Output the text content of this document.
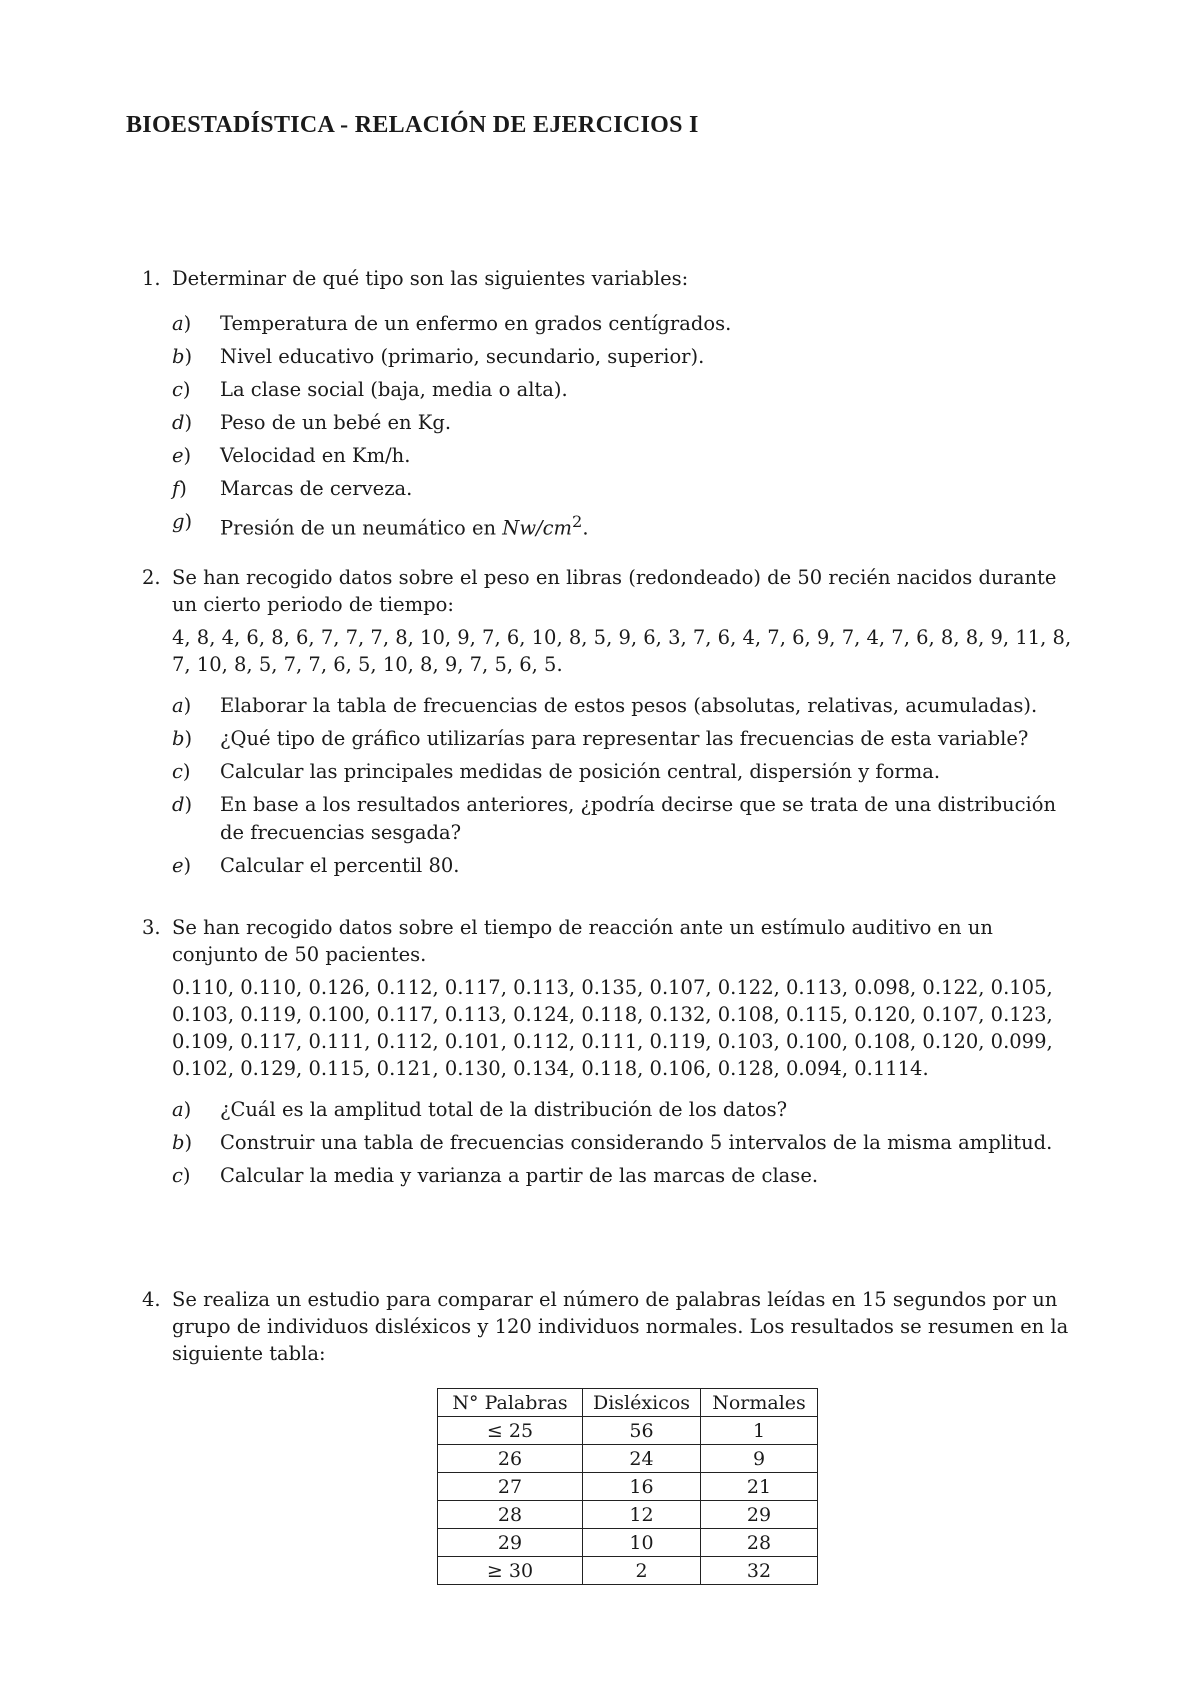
BIOESTADÍSTICA - RELACIÓN DE EJERCICIOS I
1. Determinar de qué tipo son las siguientes variables:
a) Temperatura de un enfermo en grados centígrados.
b) Nivel educativo (primario, secundario, superior).
c) La clase social (baja, media o alta).
d) Peso de un bebé en Kg.
e) Velocidad en Km/h.
f) Marcas de cerveza.
g) Presión de un neumático en $Nw/cm^2$.
2. Se han recogido datos sobre el peso en libras (redondeado) de 50 recién nacidos durante un cierto periodo de tiempo:
4, 8, 4, 6, 8, 6, 7, 7, 7, 8, 10, 9, 7, 6, 10, 8, 5, 9, 6, 3, 7, 6, 4, 7, 6, 9, 7, 4, 7, 6, 8, 8, 9, 11, 8, 7, 10, 8, 5, 7, 7, 6, 5, 10, 8, 9, 7, 5, 6, 5.
a) Elaborar la tabla de frecuencias de estos pesos (absolutas, relativas, acumuladas).
b) ¿Qué tipo de gráfico utilizarías para representar las frecuencias de esta variable?
c) Calcular las principales medidas de posición central, dispersión y forma.
d) En base a los resultados anteriores, ¿podría decirse que se trata de una distribución de frecuencias sesgada?
e) Calcular el percentil 80.
3. Se han recogido datos sobre el tiempo de reacción ante un estímulo auditivo en un conjunto de 50 pacientes.
0.110, 0.110, 0.126, 0.112, 0.117, 0.113, 0.135, 0.107, 0.122, 0.113, 0.098, 0.122, 0.105, 0.103, 0.119, 0.100, 0.117, 0.113, 0.124, 0.118, 0.132, 0.108, 0.115, 0.120, 0.107, 0.123, 0.109, 0.117, 0.111, 0.112, 0.101, 0.112, 0.111, 0.119, 0.103, 0.100, 0.108, 0.120, 0.099, 0.102, 0.129, 0.115, 0.121, 0.130, 0.134, 0.118, 0.106, 0.128, 0.094, 0.1114.
a) ¿Cuál es la amplitud total de la distribución de los datos?
b) Construir una tabla de frecuencias considerando 5 intervalos de la misma amplitud.
c) Calcular la media y varianza a partir de las marcas de clase.
4. Se realiza un estudio para comparar el número de palabras leídas en 15 segundos por un grupo de individuos disléxicos y 120 individuos normales. Los resultados se resumen en la siguiente tabla:
N° Palabras	Disléxicos	Normales
≤ 25	56	1
26	24	9
27	16	21
28	12	29
29	10	28
≥ 30	2	32
